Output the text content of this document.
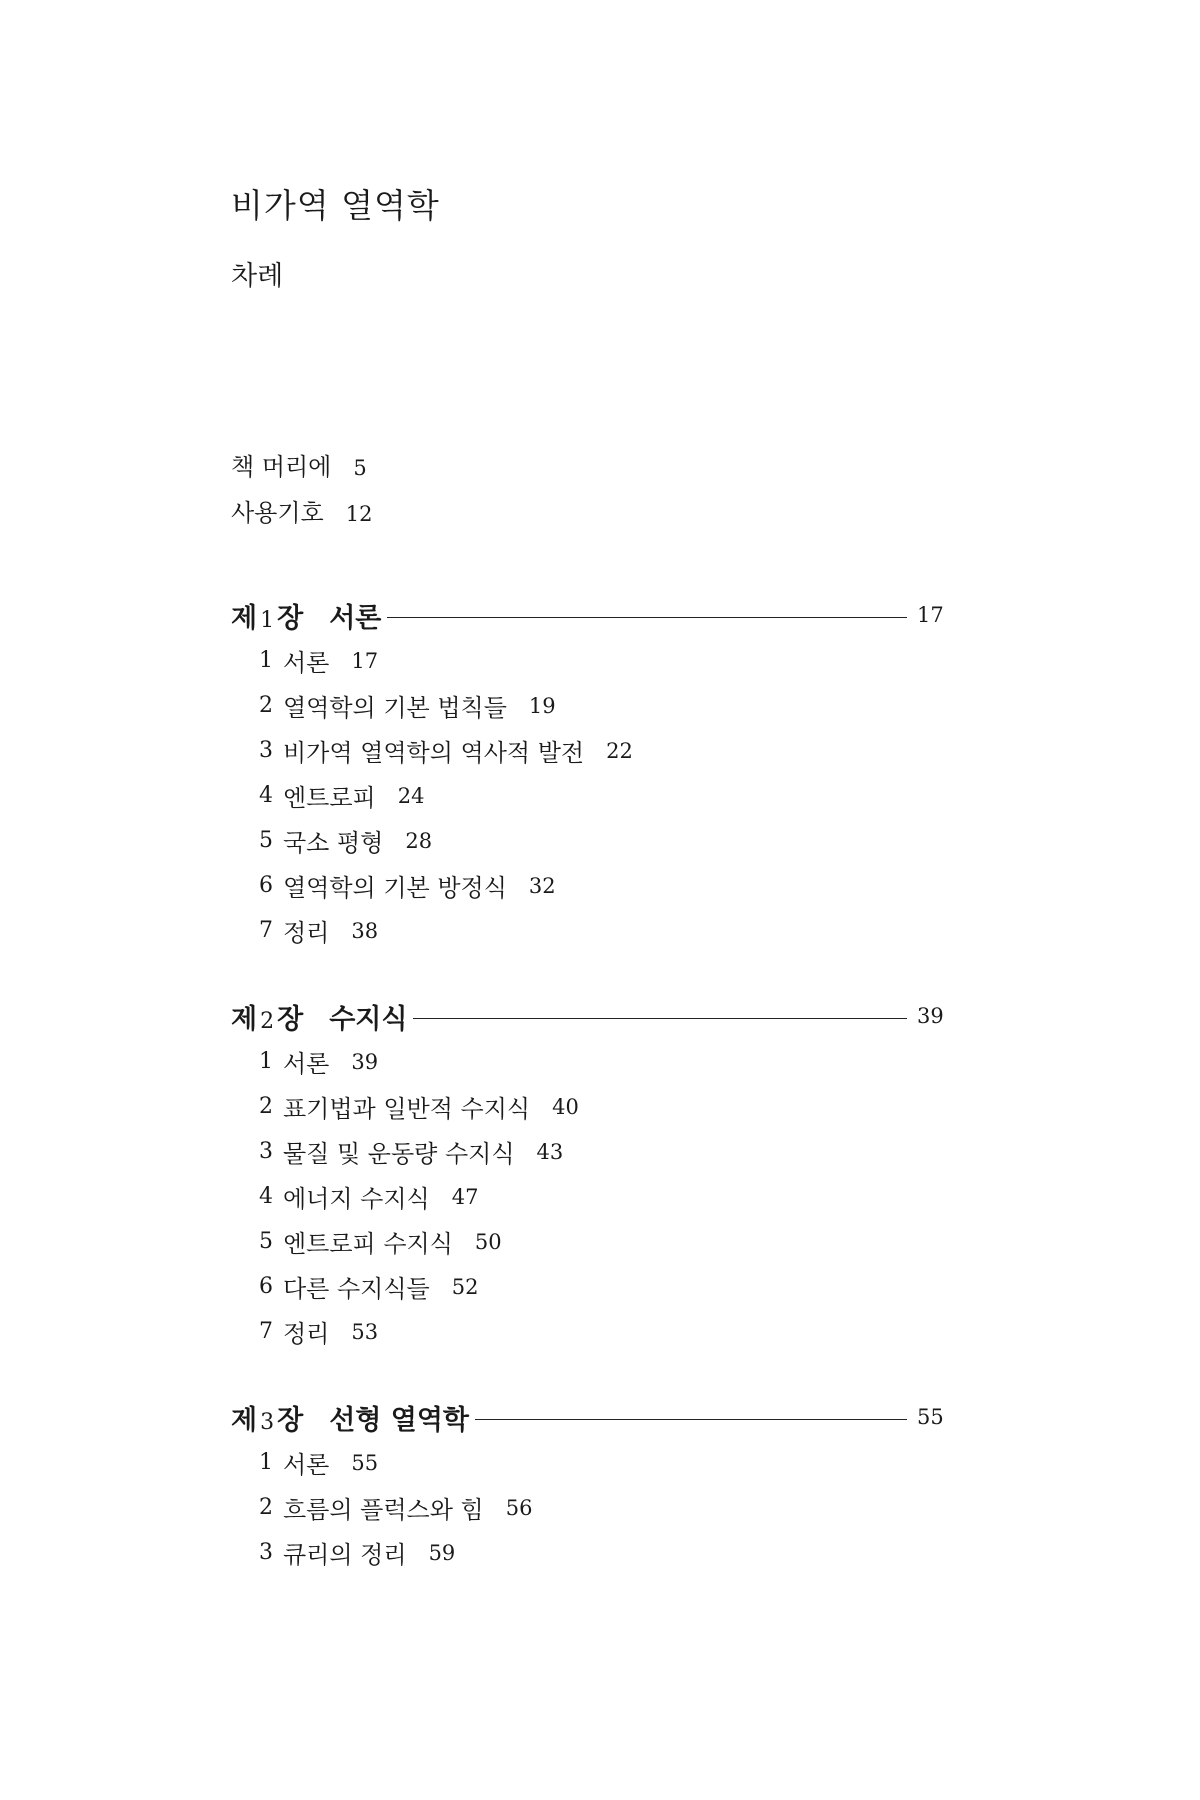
비가역 열역학
차례
책 머리에 5
사용기호 12
제 1 장 서론	17
1 서론 17
2 열역학의 기본 법칙들 19
3 비가역 열역학의 역사적 발전 22
4 엔트로피 24
5 국소 평형 28
6 열역학의 기본 방정식 32
7 정리 38
제 2 장 수지식	39
1 서론 39
2 표기법과 일반적 수지식 40
3 물질 및 운동량 수지식 43
4 에너지 수지식 47
5 엔트로피 수지식 50
6 다른 수지식들 52
7 정리 53
제 3 장 선형 열역학	55
1 서론 55
2 흐름의 플럭스와 힘 56
3 큐리의 정리 59
